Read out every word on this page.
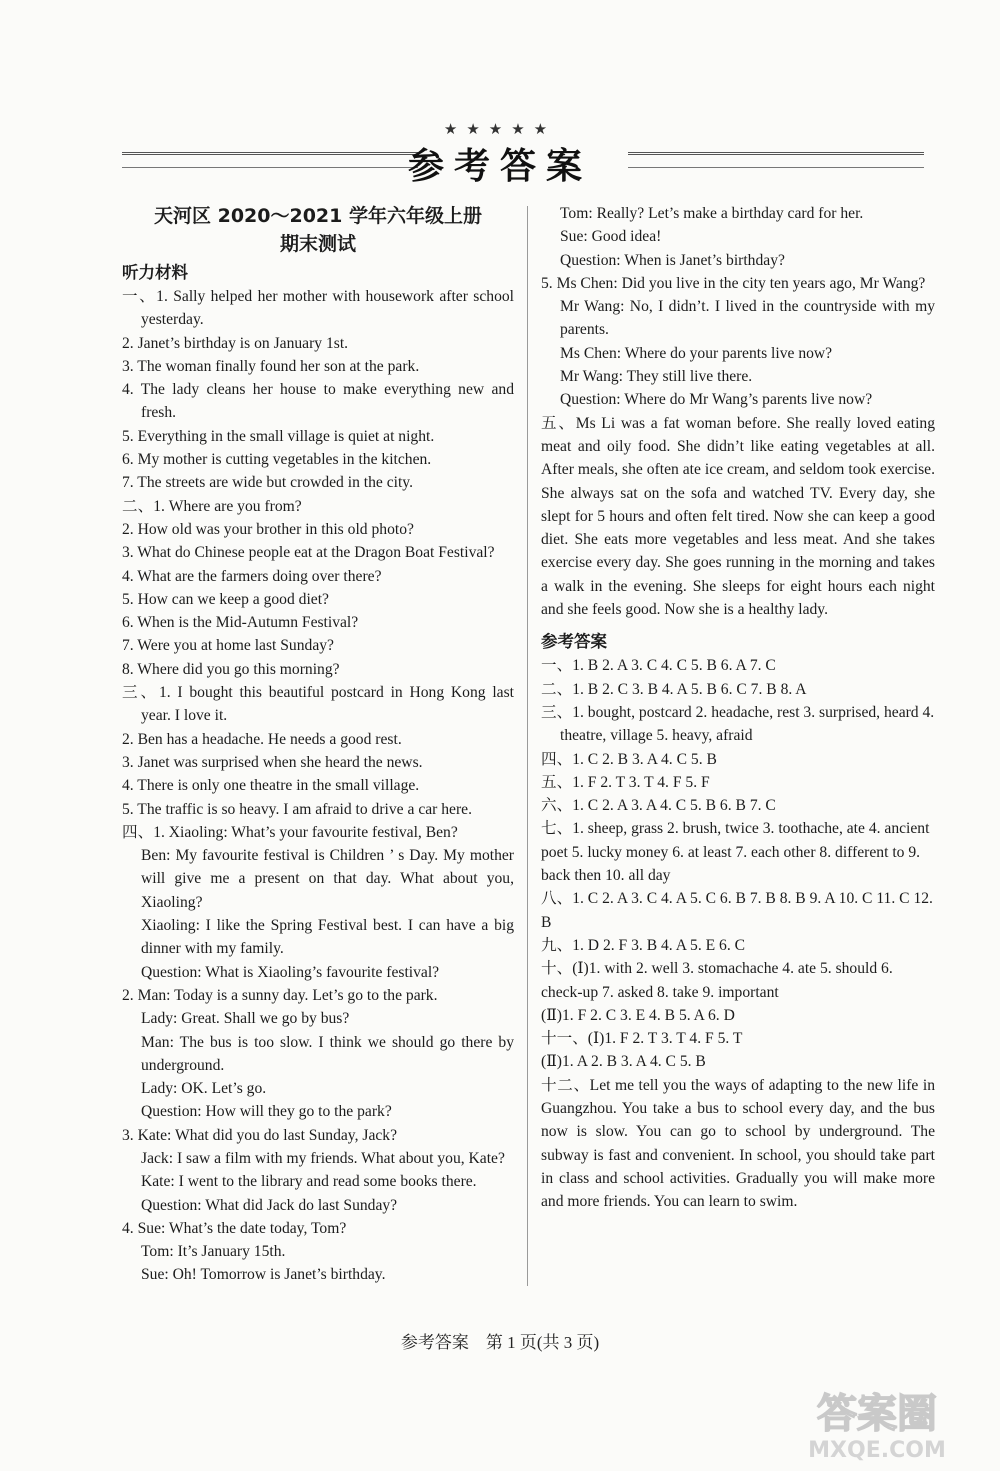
★★★★★
参考答案
天河区 2020～2021 学年六年级上册
期末测试
听力材料

一、1. Sally helped her mother with housework after school yesterday.

2. Janet’s birthday is on January 1st.

3. The woman finally found her son at the park.

4. The lady cleans her house to make everything new and fresh.

5. Everything in the small village is quiet at night.

6. My mother is cutting vegetables in the kitchen.

7. The streets are wide but crowded in the city.

二、1. Where are you from?

2. How old was your brother in this old photo?

3. What do Chinese people eat at the Dragon Boat Festival?

4. What are the farmers doing over there?

5. How can we keep a good diet?

6. When is the Mid-Autumn Festival?

7. Were you at home last Sunday?

8. Where did you go this morning?

三、1. I bought this beautiful postcard in Hong Kong last year. I love it.

2. Ben has a headache. He needs a good rest.

3. Janet was surprised when she heard the news.

4. There is only one theatre in the small village.

5. The traffic is so heavy. I am afraid to drive a car here.

四、1. Xiaoling: What’s your favourite festival, Ben?

Ben: My favourite festival is Children ’ s Day. My mother will give me a present on that day. What about you, Xiaoling?

Xiaoling: I like the Spring Festival best. I can have a big dinner with my family.

Question: What is Xiaoling’s favourite festival?

2. Man: Today is a sunny day. Let’s go to the park.

Lady: Great. Shall we go by bus?

Man: The bus is too slow. I think we should go there by underground.

Lady: OK. Let’s go.

Question: How will they go to the park?

3. Kate: What did you do last Sunday, Jack?

Jack: I saw a film with my friends. What about you, Kate?

Kate: I went to the library and read some books there.

Question: What did Jack do last Sunday?

4. Sue: What’s the date today, Tom?

Tom: It’s January 15th.

Sue: Oh! Tomorrow is Janet’s birthday.

Tom: Really? Let’s make a birthday card for her.

Sue: Good idea!

Question: When is Janet’s birthday?

5. Ms Chen: Did you live in the city ten years ago, Mr Wang?

Mr Wang: No, I didn’t. I lived in the countryside with my parents.

Ms Chen: Where do your parents live now?

Mr Wang: They still live there.

Question: Where do Mr Wang’s parents live now?

五、Ms Li was a fat woman before. She really loved eating meat and oily food. She didn’t like eating vegetables at all. After meals, she often ate ice cream, and seldom took exercise. She always sat on the sofa and watched TV. Every day, she slept for 5 hours and often felt tired. Now she can keep a good diet. She eats more vegetables and less meat. And she takes exercise every day. She goes running in the morning and takes a walk in the evening. She sleeps for eight hours each night and she feels good. Now she is a healthy lady.

参考答案

一、1. B 2. A 3. C 4. C 5. B 6. A 7. C

二、1. B 2. C 3. B 4. A 5. B 6. C 7. B 8. A

三、1. bought, postcard 2. headache, rest 3. surprised, heard 4. theatre, village 5. heavy, afraid

四、1. C 2. B 3. A 4. C 5. B

五、1. F 2. T 3. T 4. F 5. F

六、1. C 2. A 3. A 4. C 5. B 6. B 7. C

七、1. sheep, grass 2. brush, twice 3. toothache, ate 4. ancient poet 5. lucky money 6. at least 7. each other 8. different to 9. back then 10. all day

八、1. C 2. A 3. C 4. A 5. C 6. B 7. B 8. B 9. A 10. C 11. C 12. B

九、1. D 2. F 3. B 4. A 5. E 6. C

十、(Ⅰ)1. with 2. well 3. stomachache 4. ate 5. should 6. check-up 7. asked 8. take 9. important

(Ⅱ)1. F 2. C 3. E 4. B 5. A 6. D

十一、(Ⅰ)1. F 2. T 3. T 4. F 5. T

(Ⅱ)1. A 2. B 3. A 4. C 5. B

十二、Let me tell you the ways of adapting to the new life in Guangzhou. You take a bus to school every day, and the bus now is slow. You can go to school by underground. The subway is fast and convenient. In school, you should take part in class and school activities. Gradually you will make more and more friends. You can learn to swim.

参考答案　第 1 页(共 3 页)
答案圈
MXQE.COM
